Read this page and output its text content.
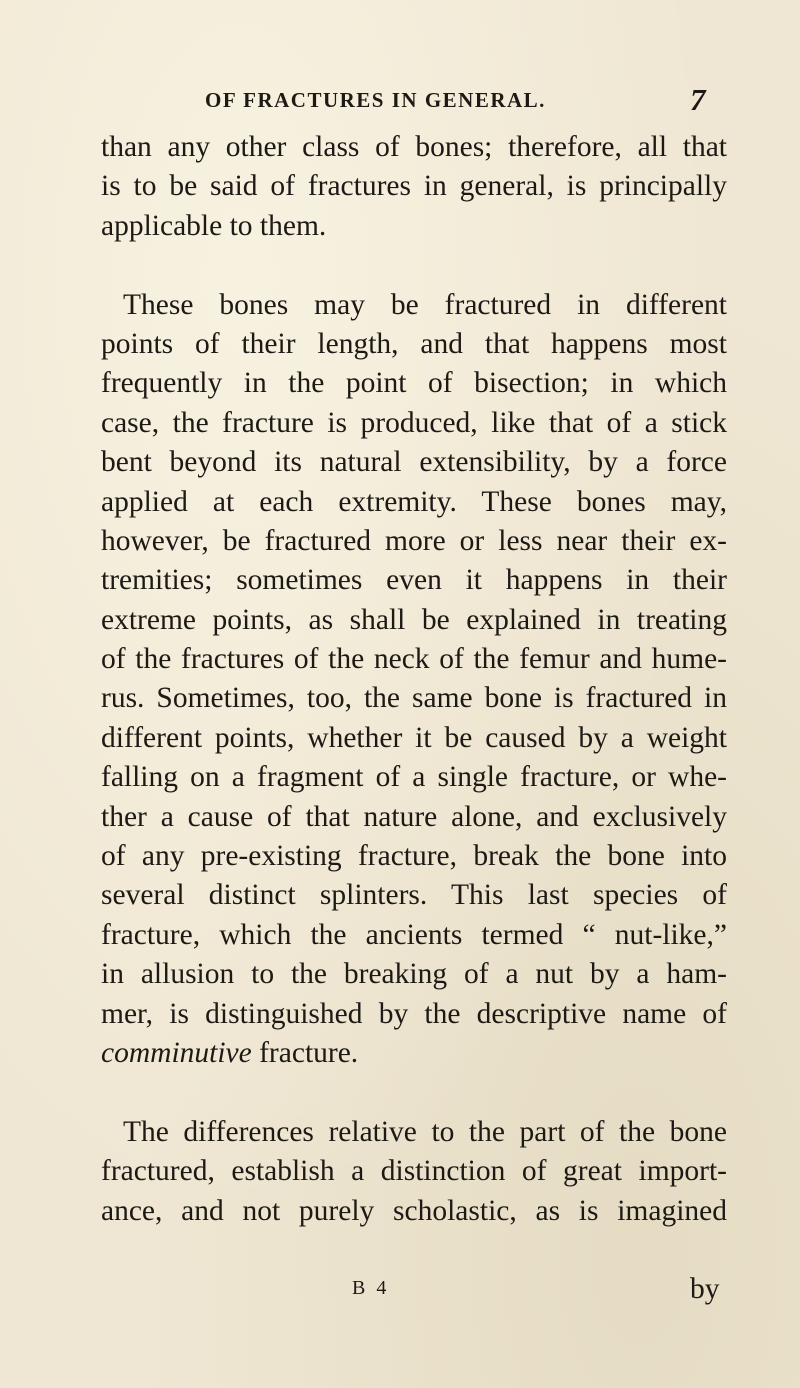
OF FRACTURES IN GENERAL.	7
than any other class of bones; therefore, all that
is to be said of fractures in general, is principally
applicable to them.
These bones may be fractured in different
points of their length, and that happens most
frequently in the point of bisection; in which
case, the fracture is produced, like that of a stick
bent beyond its natural extensibility, by a force
applied at each extremity. These bones may,
however, be fractured more or less near their ex-
tremities; sometimes even it happens in their
extreme points, as shall be explained in treating
of the fractures of the neck of the femur and hume-
rus. Sometimes, too, the same bone is fractured in
different points, whether it be caused by a weight
falling on a fragment of a single fracture, or whe-
ther a cause of that nature alone, and exclusively
of any pre-existing fracture, break the bone into
several distinct splinters. This last species of
fracture, which the ancients termed “ nut-like,”
in allusion to the breaking of a nut by a ham-
mer, is distinguished by the descriptive name of
comminutive fracture.
The differences relative to the part of the bone
fractured, establish a distinction of great import-
ance, and not purely scholastic, as is imagined
B 4	by
